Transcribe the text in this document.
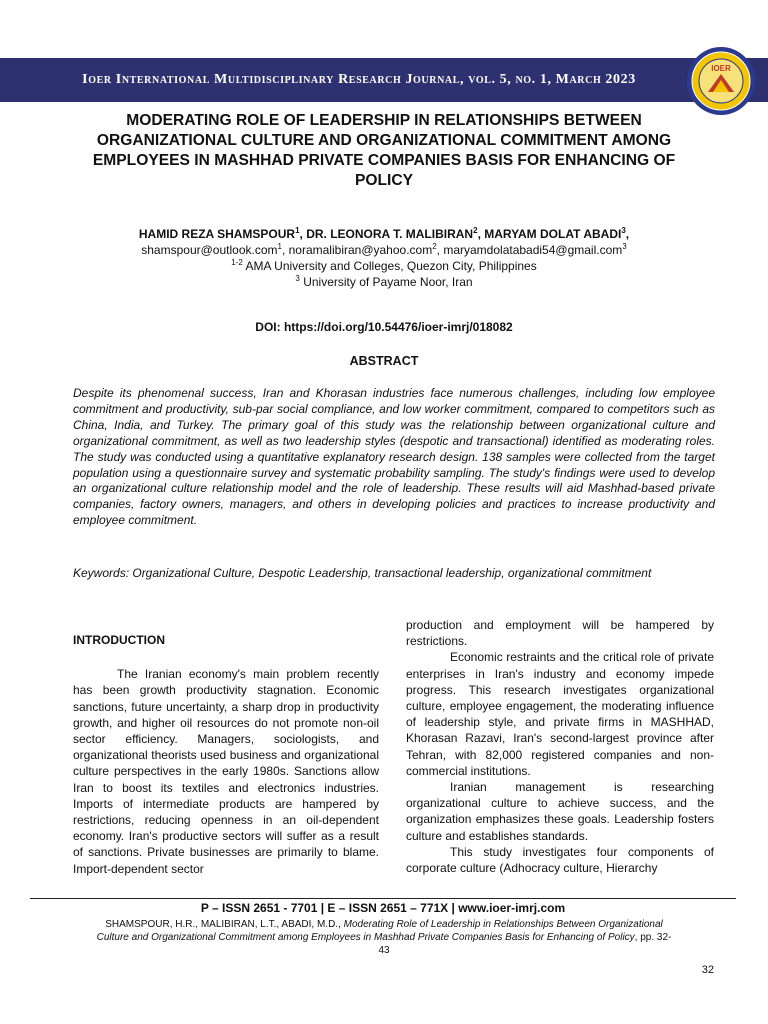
Ioer International Multidisciplinary Research Journal, vol. 5, no. 1, March 2023
IOER
MODERATING ROLE OF LEADERSHIP IN RELATIONSHIPS BETWEEN ORGANIZATIONAL CULTURE AND ORGANIZATIONAL COMMITMENT AMONG EMPLOYEES IN MASHHAD PRIVATE COMPANIES BASIS FOR ENHANCING OF POLICY
HAMID REZA SHAMSPOUR$^1$, DR. LEONORA T. MALIBIRAN$^2$, MARYAM DOLAT ABADI$^3$,
shamspour@outlook.com$^1$, noramalibiran@yahoo.com$^2$, maryamdolatabadi54@gmail.com$^3$
$^{1-2}$ AMA University and Colleges, Quezon City, Philippines
$^3$ University of Payame Noor, Iran
DOI: https://doi.org/10.54476/ioer-imrj/018082
ABSTRACT

Despite its phenomenal success, Iran and Khorasan industries face numerous challenges, including low employee commitment and productivity, sub-par social compliance, and low worker commitment, compared to competitors such as China, India, and Turkey. The primary goal of this study was the relationship between organizational culture and organizational commitment, as well as two leadership styles (despotic and transactional) identified as moderating roles. The study was conducted using a quantitative explanatory research design. 138 samples were collected from the target population using a questionnaire survey and systematic probability sampling. The study's findings were used to develop an organizational culture relationship model and the role of leadership. These results will aid Mashhad-based private companies, factory owners, managers, and others in developing policies and practices to increase productivity and employee commitment.

Keywords: Organizational Culture, Despotic Leadership, transactional leadership, organizational commitment

INTRODUCTION

The Iranian economy's main problem recently has been growth productivity stagnation. Economic sanctions, future uncertainty, a sharp drop in productivity growth, and higher oil resources do not promote non-oil sector efficiency. Managers, sociologists, and organizational theorists used business and organizational culture perspectives in the early 1980s. Sanctions allow Iran to boost its textiles and electronics industries. Imports of intermediate products are hampered by restrictions, reducing openness in an oil-dependent economy. Iran's productive sectors will suffer as a result of sanctions. Private businesses are primarily to blame. Import-dependent sector

production and employment will be hampered by restrictions.

Economic restraints and the critical role of private enterprises in Iran's industry and economy impede progress. This research investigates organizational culture, employee engagement, the moderating influence of leadership style, and private firms in MASHHAD, Khorasan Razavi, Iran's second-largest province after Tehran, with 82,000 registered companies and non-commercial institutions.

Iranian management is researching organizational culture to achieve success, and the organization emphasizes these goals. Leadership fosters culture and establishes standards.

This study investigates four components of corporate culture (Adhocracy culture, Hierarchy

P – ISSN 2651 - 7701 | E – ISSN 2651 – 771X | www.ioer-imrj.com
SHAMSPOUR, H.R., MALIBIRAN, L.T., ABADI, M.D., Moderating Role of Leadership in Relationships Between Organizational Culture and Organizational Commitment among Employees in Mashhad Private Companies Basis for Enhancing of Policy, pp. 32-43
32
